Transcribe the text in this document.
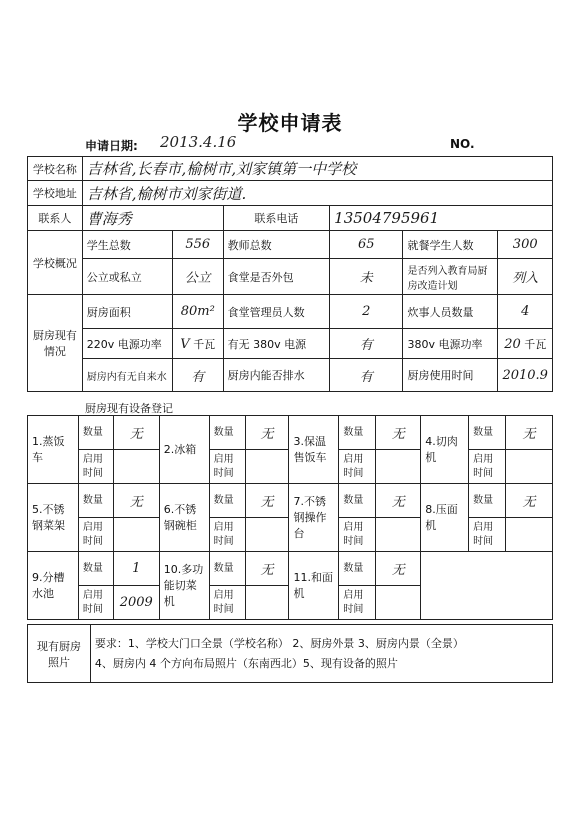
学校申请表
申请日期: 2013.4.16	NO.
学校名称	吉林省,长春市,榆树市,刘家镇第一中学校					
学校地址	吉林省,榆树市刘家街道.					
联系人	曹海秀		联系电话	13504795961		
学校概况	学生总数	556	教师总数	65	就餐学生人数	300
	公立或私立	公立	食堂是否外包	未	是否列入教育局厨房改造计划	列入
厨房现有情况	厨房面积	80m²	食堂管理员人数	2	炊事人员数量	4
	220v 电源功率	V 千瓦	有无 380v 电源	有	380v 电源功率	20 千瓦
	厨房内有无自来水	有	厨房内能否排水	有	厨房使用时间	2010.9
厨房现有设备登记
1.蒸饭车	数量	无	2.冰箱	数量	无	3.保温售饭车	数量	无	4.切肉机	数量	无
	启用时间			启用时间			启用时间			启用时间	
5.不锈钢菜架	数量	无	6.不锈钢碗柜	数量	无	7.不锈钢操作台	数量	无	8.压面机	数量	无
	启用时间			启用时间			启用时间			启用时间	
9.分槽水池	数量	1	10.多功能切菜机	数量	无	11.和面机	数量	无			
	启用时间	2009		启用时间			启用时间				
现有厨房照片	
要求：1、学校大门口全景（学校名称） 2、厨房外景 3、厨房内景（全景）
4、厨房内 4 个方向布局照片（东南西北）5、现有设备的照片
